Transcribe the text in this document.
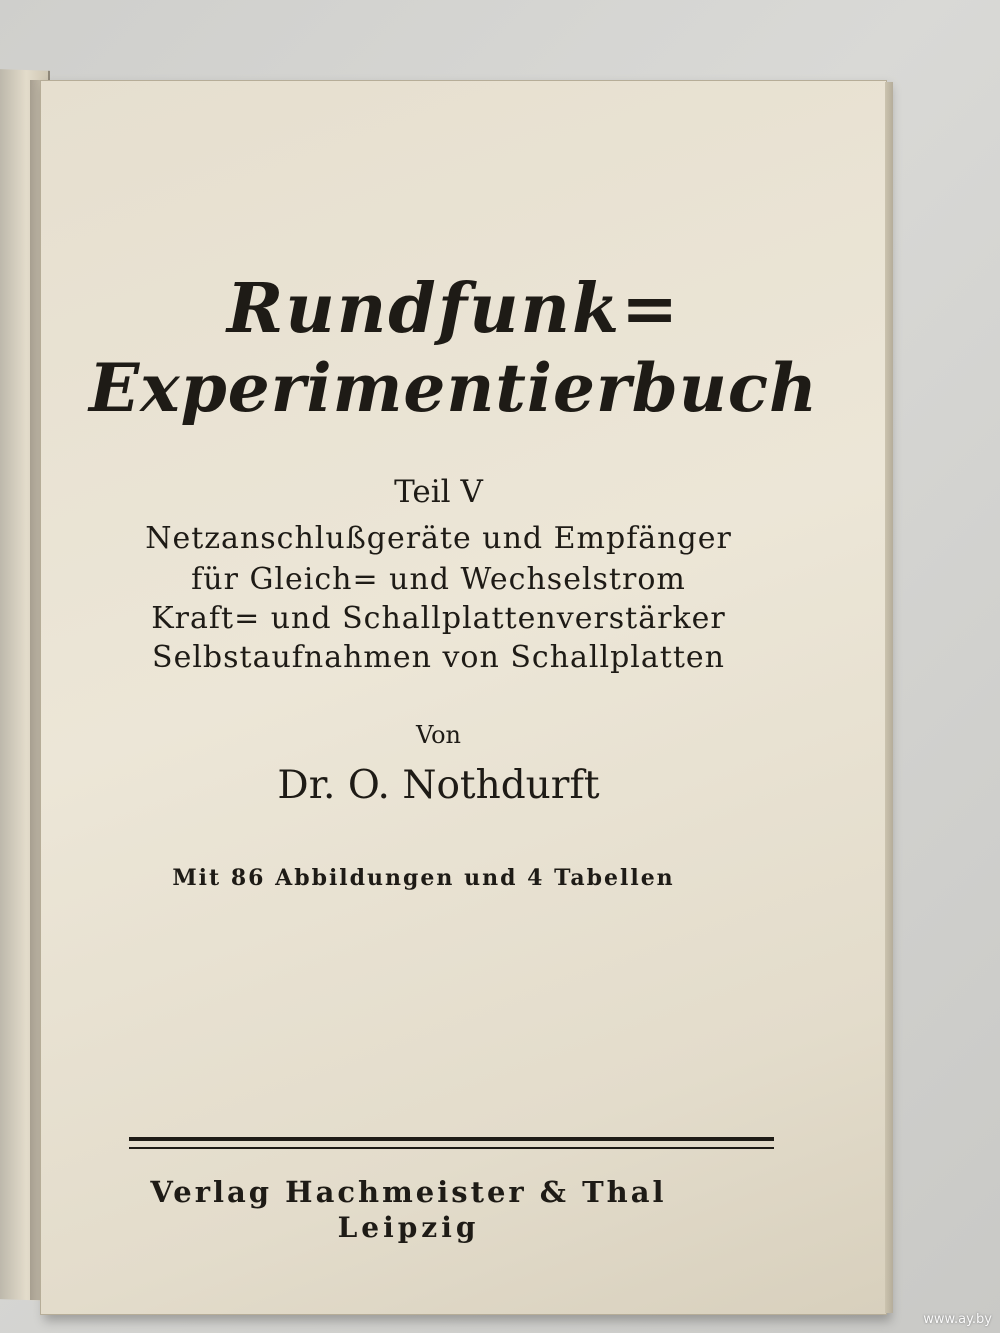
Rundfunk=
Experimentierbuch
Teil V
Netzanschlußgeräte und Empfänger
für Gleich= und Wechselstrom
Kraft= und Schallplattenverstärker
Selbstaufnahmen von Schallplatten
Von
Dr. O. Nothdurft
Mit 86 Abbildungen und 4 Tabellen
Verlag Hachmeister & Thal
Leipzig
www.ay.by
